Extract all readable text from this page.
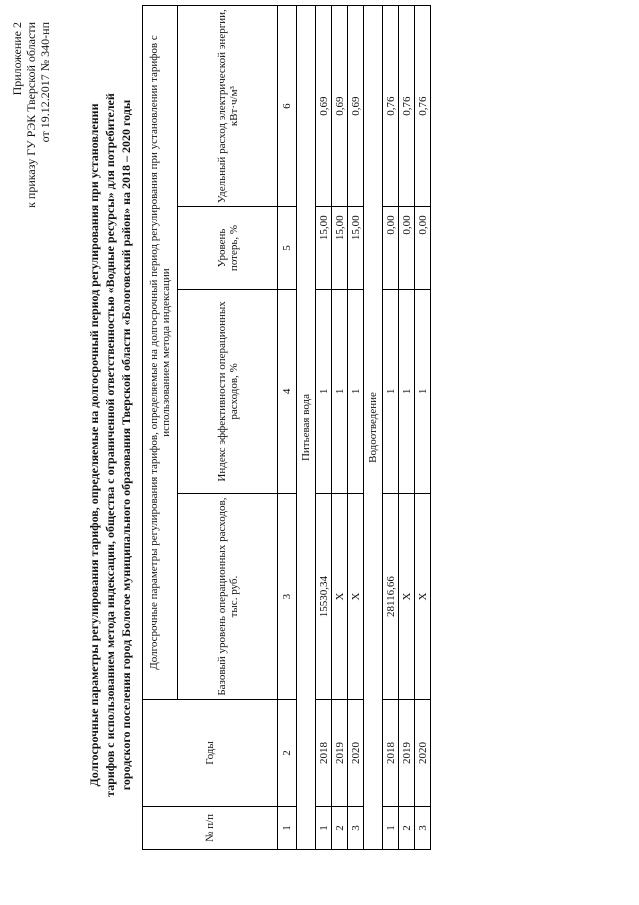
Приложение 2 к приказу ГУ РЭК Тверской области от 19.12.2017 № 340-нп
Долгосрочные параметры регулирования тарифов, определяемые на долгосрочный период регулирования при установлении тарифов с использованием метода индексации, общества с ограниченной ответственностью «Водные ресурсы» для потребителей городского поселения город Бологое муниципального образования Тверской области «Бологовский район» на 2018 – 2020 годы
№ п/п	Годы	Долгосрочные параметры регулирования тарифов, определяемые на долгосрочный период регулирования при установлении тарифов с использованием метода индексации			
		Базовый уровень операционных расходов, тыс. руб.	Индекс эффективности операционных расходов, %	Уровень потерь, %	Удельный расход электрической энергии, кВт·ч/м³
1	2	3	4	5	6
Питьевая вода					
1	2018	15530,34	1	15,00	0,69
2	2019	X	1	15,00	0,69
3	2020	X	1	15,00	0,69
Водоотведение					
1	2018	28116,66	1	0,00	0,76
2	2019	X	1	0,00	0,76
3	2020	X	1	0,00	0,76
